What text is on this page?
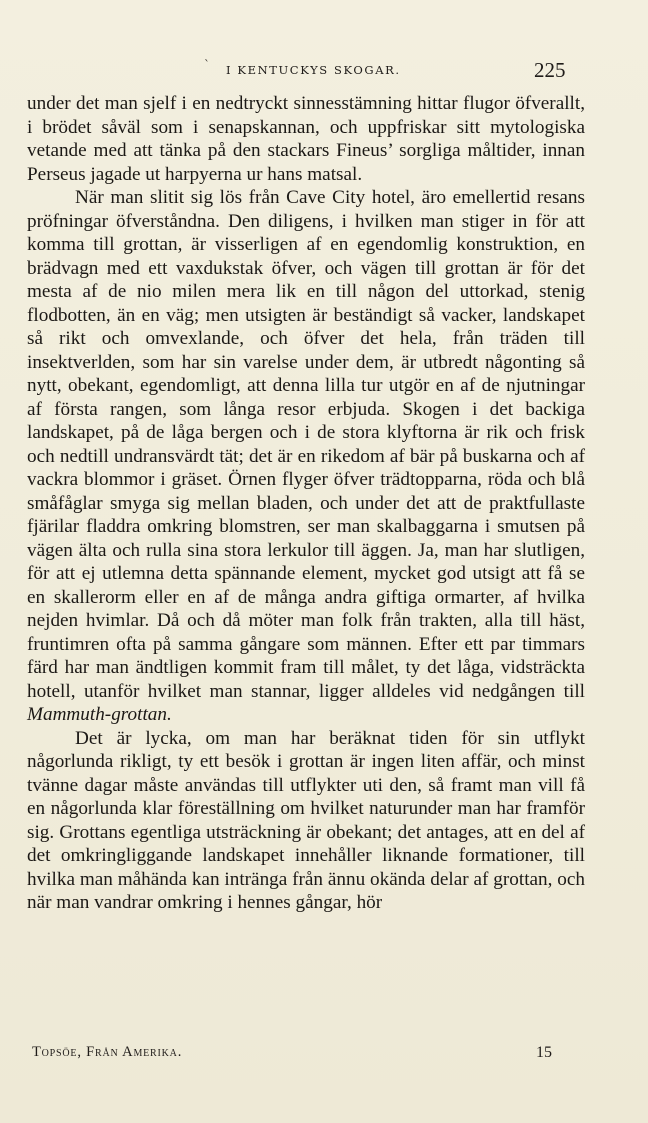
` I KENTUCKYS SKOGAR.	225

under det man sjelf i en nedtryckt sinnesstämning hittar flugor öfverallt, i brödet såväl som i senapskannan, och uppfriskar sitt mytologiska vetande med att tänka på den stackars Fineus’ sorgliga måltider, innan Perseus jagade ut harpyerna ur hans matsal.

När man slitit sig lös från Cave City hotel, äro emellertid resans pröfningar öfverståndna. Den diligens, i hvilken man stiger in för att komma till grottan, är visserligen af en egendomlig konstruktion, en brädvagn med ett vaxdukstak öfver, och vägen till grottan är för det mesta af de nio milen mera lik en till någon del uttorkad, stenig flodbotten, än en väg; men utsigten är beständigt så vacker, landskapet så rikt och omvexlande, och öfver det hela, från träden till insektverlden, som har sin varelse under dem, är utbredt någonting så nytt, obekant, egendomligt, att denna lilla tur utgör en af de njutningar af första rangen, som långa resor erbjuda. Skogen i det backiga landskapet, på de låga bergen och i de stora klyftorna är rik och frisk och nedtill undransvärdt tät; det är en rikedom af bär på buskarna och af vackra blommor i gräset. Örnen flyger öfver trädtopparna, röda och blå småfåglar smyga sig mellan bladen, och under det att de praktfullaste fjärilar fladdra omkring blomstren, ser man skalbaggarna i smutsen på vägen älta och rulla sina stora lerkulor till äggen. Ja, man har slutligen, för att ej utlemna detta spännande element, mycket god utsigt att få se en skallerorm eller en af de många andra giftiga ormarter, af hvilka nejden hvimlar. Då och då möter man folk från trakten, alla till häst, fruntimren ofta på samma gångare som männen. Efter ett par timmars färd har man ändtligen kommit fram till målet, ty det låga, vidsträckta hotell, utanför hvilket man stannar, ligger alldeles vid nedgången till Mammuth-grottan.

Det är lycka, om man har beräknat tiden för sin utflykt någorlunda rikligt, ty ett besök i grottan är ingen liten affär, och minst tvänne dagar måste användas till utflykter uti den, så framt man vill få en någorlunda klar föreställning om hvilket naturunder man har framför sig. Grottans egentliga utsträckning är obekant; det antages, att en del af det omkringliggande landskapet innehåller liknande formationer, till hvilka man måhända kan intränga från ännu okända delar af grottan, och när man vandrar omkring i hennes gångar, hör

Topsöe, Från Amerika.	15
